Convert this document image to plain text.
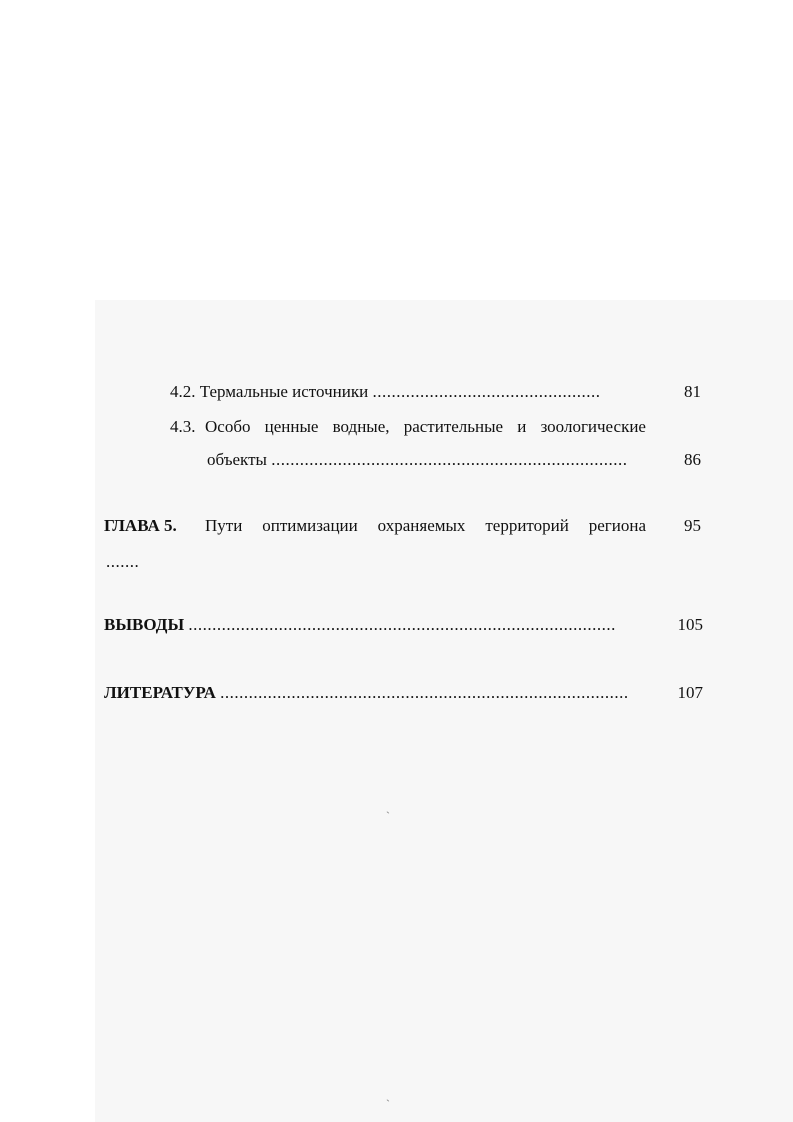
4.2. Термальные источники ................................................	81
4.3. Особо ценные водные, растительные и зоологические
объекты ...........................................................................	86
ГЛАВА 5. Пути оптимизации охраняемых территорий региона	95
.......
ВЫВОДЫ ..........................................................................................	105
ЛИТЕРАТУРА ......................................................................................	107
ˏ
ˏ
